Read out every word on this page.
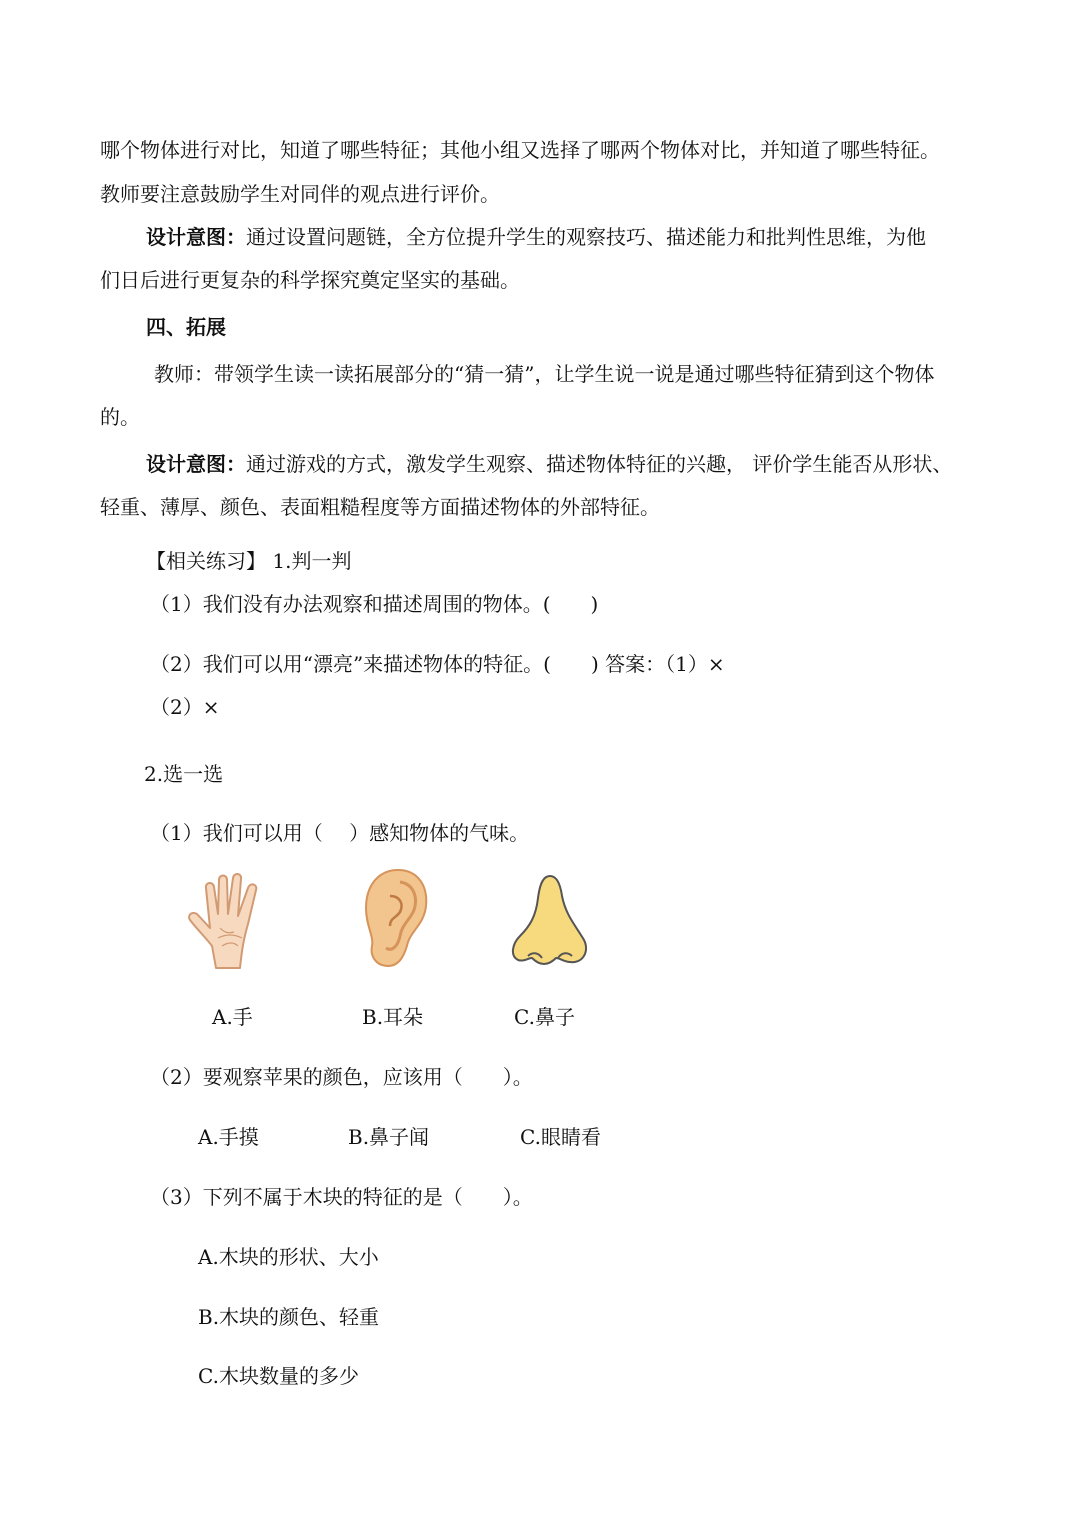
哪个物体进行对比，知道了哪些特征；其他小组又选择了哪两个物体对比，并知道了哪些特征。
教师要注意鼓励学生对同伴的观点进行评价。
设计意图：通过设置问题链，全方位提升学生的观察技巧、描述能力和批判性思维，为他
们日后进行更复杂的科学探究奠定坚实的基础。
四、拓展
教师：带领学生读一读拓展部分的“猜一猜”，让学生说一说是通过哪些特征猜到这个物体
的。
设计意图：通过游戏的方式，激发学生观察、描述物体特征的兴趣， 评价学生能否从形状、
轻重、薄厚、颜色、表面粗糙程度等方面描述物体的外部特征。
【相关练习】 1.判一判
（1）我们没有办法观察和描述周围的物体。(　　)
（2）我们可以用“漂亮”来描述物体的特征。(　　) 答案：（1）×
（2）×
2.选一选
（1）我们可以用（　 ）感知物体的气味。
A.手	B.耳朵	C.鼻子
（2）要观察苹果的颜色，应该用（　　）。
A.手摸	B.鼻子闻	C.眼睛看
（3）下列不属于木块的特征的是（　　）。
A.木块的形状、大小
B.木块的颜色、轻重
C.木块数量的多少
